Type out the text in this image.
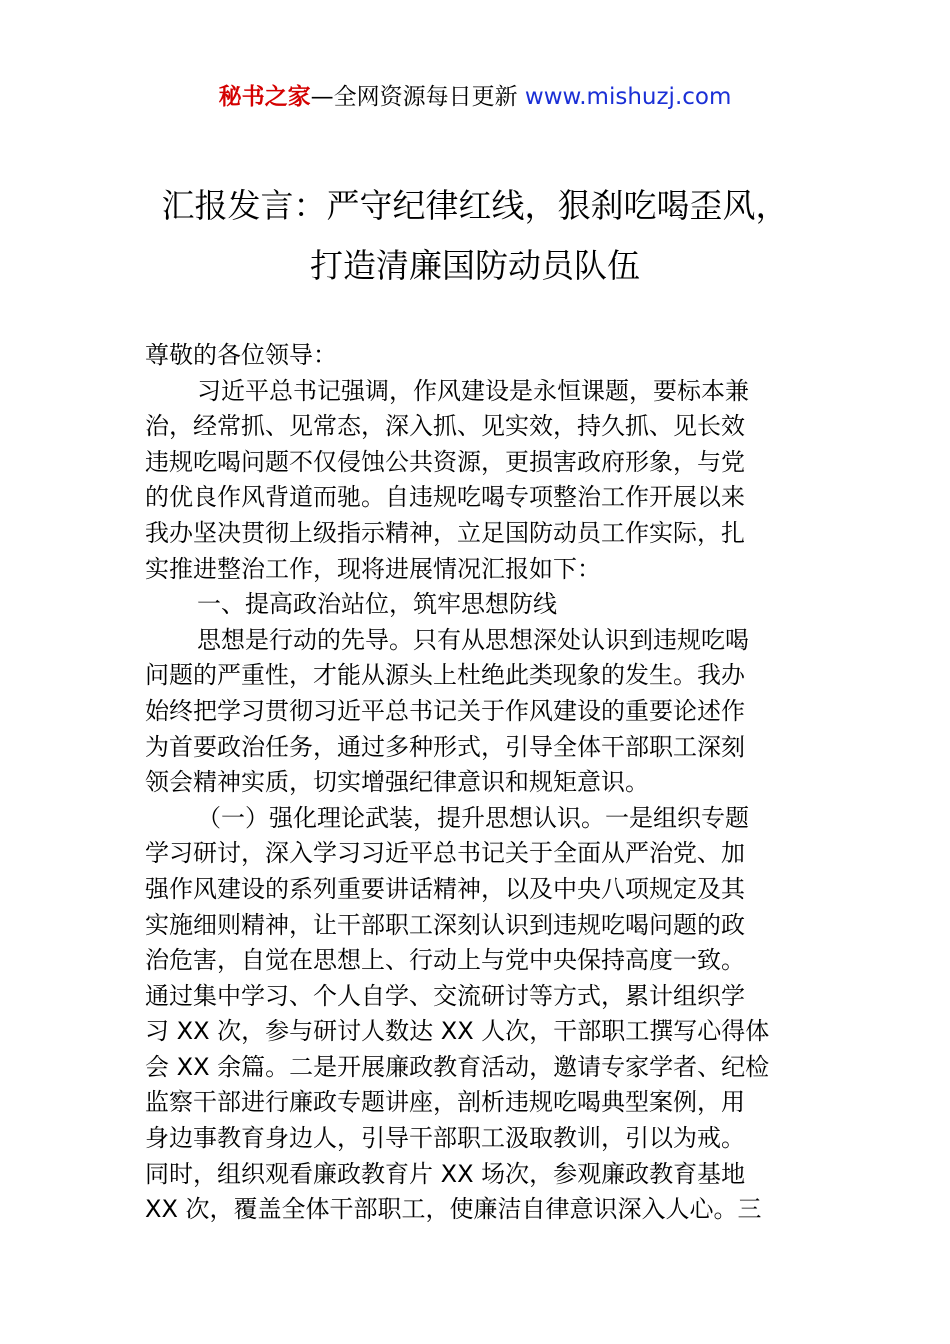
秘书之家—全网资源每日更新 www.mishuzj.com
汇报发言：严守纪律红线，狠刹吃喝歪风，
打造清廉国防动员队伍
尊敬的各位领导：
习近平总书记强调，作风建设是永恒课题，要标本兼
治，经常抓、见常态，深入抓、见实效，持久抓、见长效
违规吃喝问题不仅侵蚀公共资源，更损害政府形象，与党
的优良作风背道而驰。自违规吃喝专项整治工作开展以来
我办坚决贯彻上级指示精神，立足国防动员工作实际，扎
实推进整治工作，现将进展情况汇报如下：
一、提高政治站位，筑牢思想防线
思想是行动的先导。只有从思想深处认识到违规吃喝
问题的严重性，才能从源头上杜绝此类现象的发生。我办
始终把学习贯彻习近平总书记关于作风建设的重要论述作
为首要政治任务，通过多种形式，引导全体干部职工深刻
领会精神实质，切实增强纪律意识和规矩意识。
（一）强化理论武装，提升思想认识。一是组织专题
学习研讨，深入学习习近平总书记关于全面从严治党、加
强作风建设的系列重要讲话精神，以及中央八项规定及其
实施细则精神，让干部职工深刻认识到违规吃喝问题的政
治危害，自觉在思想上、行动上与党中央保持高度一致。
通过集中学习、个人自学、交流研讨等方式，累计组织学
习 XX 次，参与研讨人数达 XX 人次，干部职工撰写心得体
会 XX 余篇。二是开展廉政教育活动，邀请专家学者、纪检
监察干部进行廉政专题讲座，剖析违规吃喝典型案例，用
身边事教育身边人，引导干部职工汲取教训，引以为戒。
同时，组织观看廉政教育片 XX 场次，参观廉政教育基地
XX 次，覆盖全体干部职工，使廉洁自律意识深入人心。三
